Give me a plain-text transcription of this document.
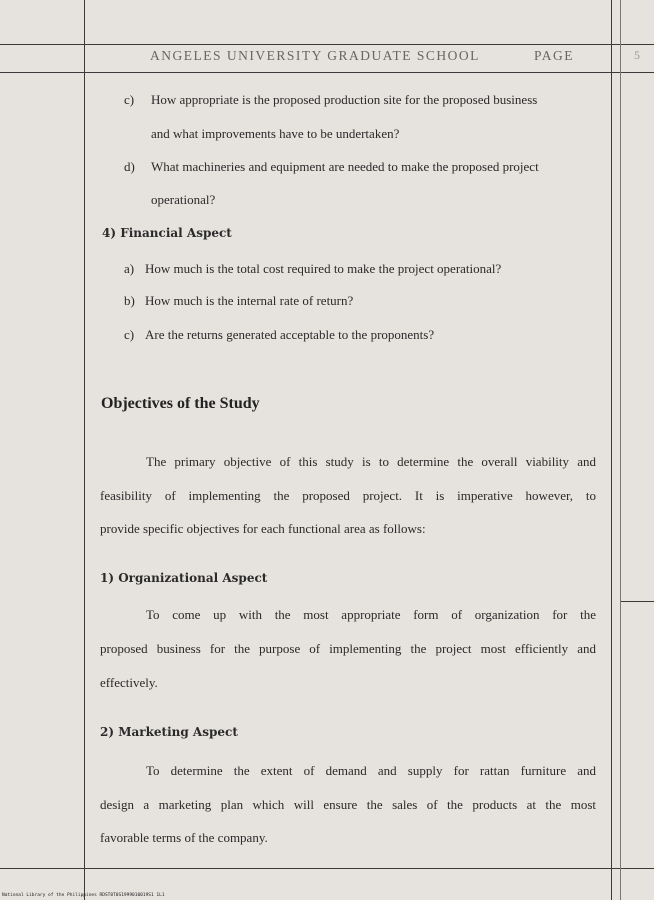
ANGELES UNIVERSITY GRADUATE SCHOOL	PAGE	5
c) How appropriate is the proposed production site for the proposed business
and what improvements have to be undertaken?
d) What machineries and equipment are needed to make the proposed project
operational?
4) Financial Aspect
a) How much is the total cost required to make the project operational?
b) How much is the internal rate of return?
c) Are the returns generated acceptable to the proponents?
Objectives of the Study
The primary objective of this study is to determine the overall viability and
feasibility of implementing the proposed project. It is imperative however, to
provide specific objectives for each functional area as follows:
1) Organizational Aspect
To come up with the most appropriate form of organization for the
proposed business for the purpose of implementing the project most efficiently and
effectively.
2) Marketing Aspect
To determine the extent of demand and supply for rattan furniture and
design a marketing plan which will ensure the sales of the products at the most
favorable terms of the company.
National Library of the Philippines RDST0T0S1999010019S1 1L1
